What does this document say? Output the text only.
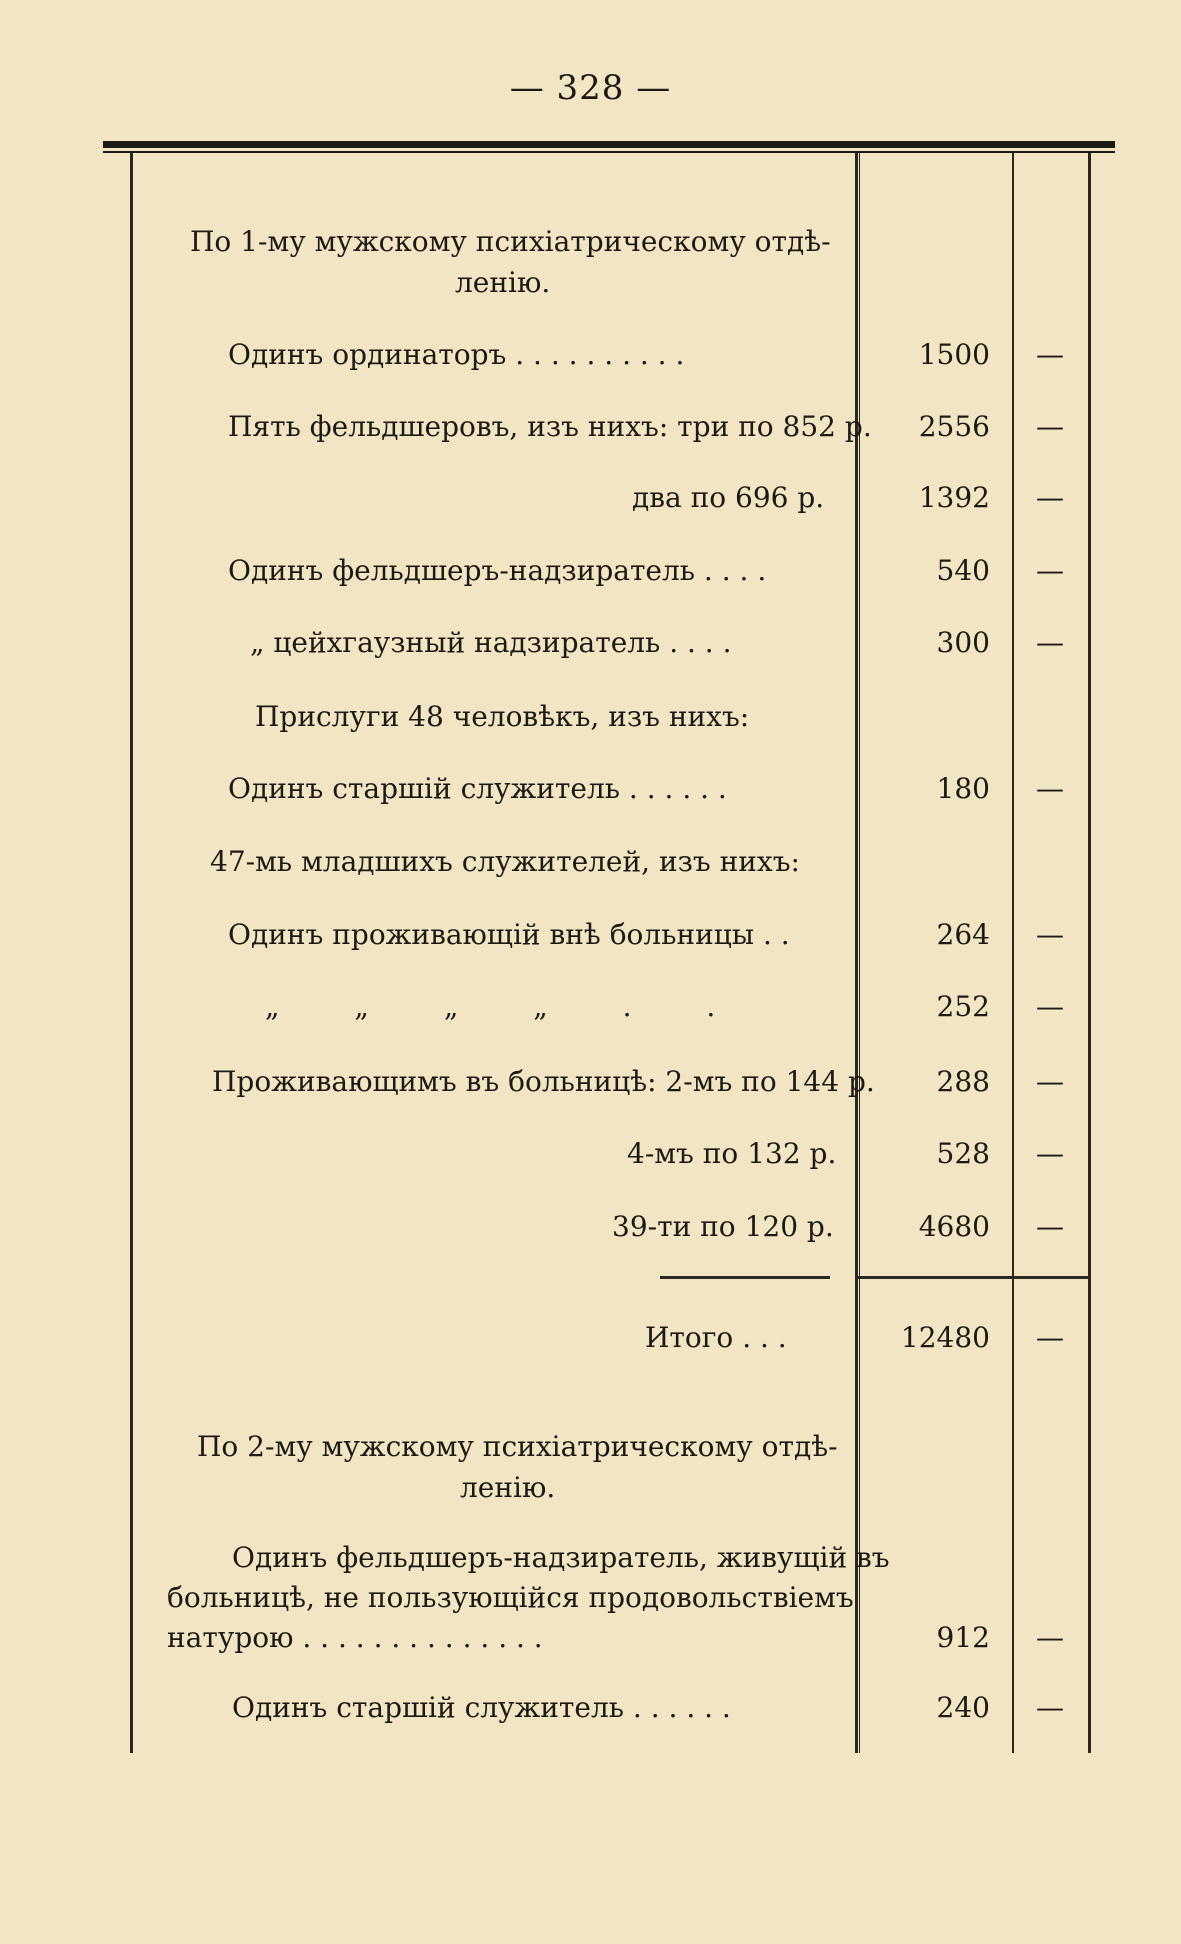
— 328 —
По 1-му мужскому психіатрическому отдѣ-
ленію.
Одинъ ординаторъ . . . . . . . . . .	1500 —
Пять фельдшеровъ, изъ нихъ: три по 852 р.	2556 —
два по 696 р.	1392 —
Одинъ фельдшеръ-надзиратель . . . .	540 —
„ цейхгаузный надзиратель . . . .	300 —
Прислуги 48 человѣкъ, изъ нихъ:
Одинъ старшій служитель . . . . . .	180 —
47-мь младшихъ служителей, изъ нихъ:
Одинъ проживающій внѣ больницы . .	264 —
„ „ „ „ . .	252 —
Проживающимъ въ больницѣ: 2-мъ по 144 р.	288 —
4-мъ по 132 р.	528 —
39-ти по 120 р.	4680 —
Итого . . .	12480 —
По 2-му мужскому психіатрическому отдѣ-
ленію.
Одинъ фельдшеръ-надзиратель, живущій въ
больницѣ, не пользующійся продовольствіемъ
натурою . . . . . . . . . . . . . .	912 —
Одинъ старшій служитель . . . . . .	240 —
